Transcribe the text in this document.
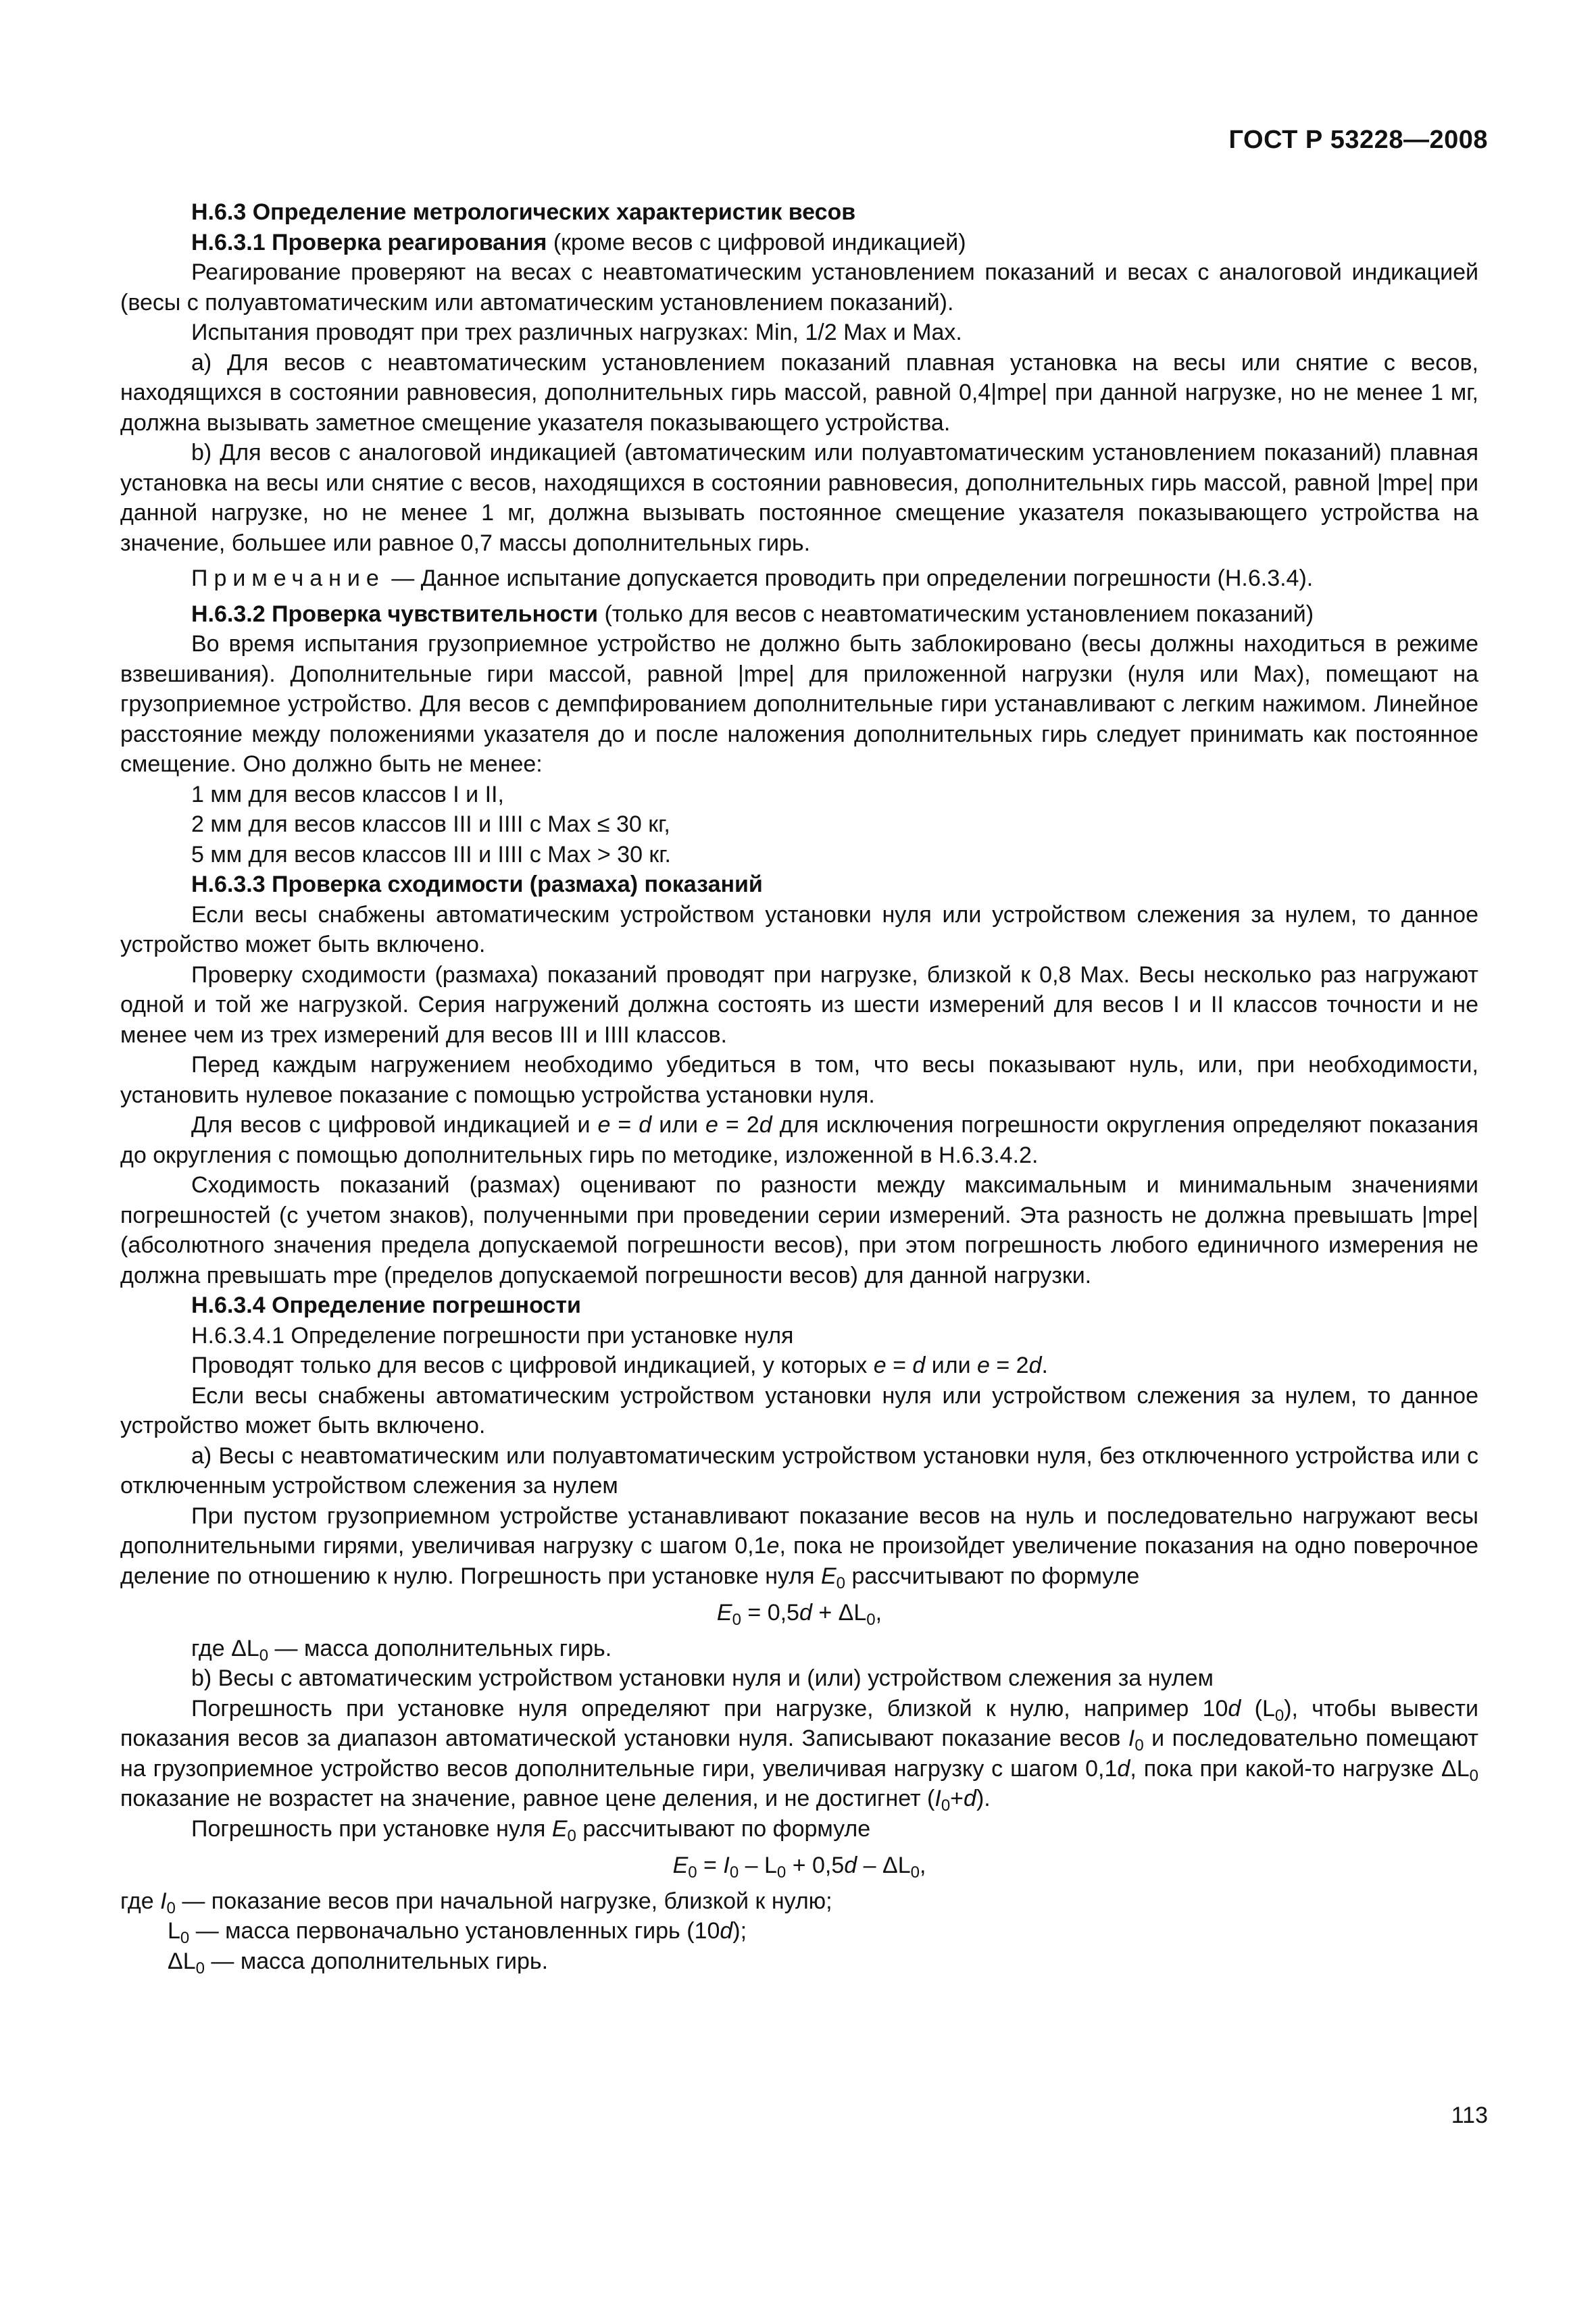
ГОСТ Р 53228—2008

Н.6.3 Определение метрологических характеристик весов

Н.6.3.1 Проверка реагирования (кроме весов с цифровой индикацией)

Реагирование проверяют на весах с неавтоматическим установлением показаний и весах с аналоговой индикацией (весы с полуавтоматическим или автоматическим установлением показаний).

Испытания проводят при трех различных нагрузках: Min, 1/2 Max и Max.

a) Для весов с неавтоматическим установлением показаний плавная установка на весы или снятие с весов, находящихся в состоянии равновесия, дополнительных гирь массой, равной 0,4|mpe| при данной нагрузке, но не менее 1 мг, должна вызывать заметное смещение указателя показывающего устройства.

b) Для весов с аналоговой индикацией (автоматическим или полуавтоматическим установлением показаний) плавная установка на весы или снятие с весов, находящихся в состоянии равновесия, дополнительных гирь массой, равной |mpe| при данной нагрузке, но не менее 1 мг, должна вызывать постоянное смещение указателя показывающего устройства на значение, большее или равное 0,7 массы дополнительных гирь.

Примечание — Данное испытание допускается проводить при определении погрешности (Н.6.3.4).

Н.6.3.2 Проверка чувствительности (только для весов с неавтоматическим установлением показаний)

Во время испытания грузоприемное устройство не должно быть заблокировано (весы должны находиться в режиме взвешивания). Дополнительные гири массой, равной |mpe| для приложенной нагрузки (нуля или Max), помещают на грузоприемное устройство. Для весов с демпфированием дополнительные гири устанавливают с легким нажимом. Линейное расстояние между положениями указателя до и после наложения дополнительных гирь следует принимать как постоянное смещение. Оно должно быть не менее:

1 мм для весов классов I и II,

2 мм для весов классов III и IIII с Max ≤ 30 кг,

5 мм для весов классов III и IIII с Max > 30 кг.

Н.6.3.3 Проверка сходимости (размаха) показаний

Если весы снабжены автоматическим устройством установки нуля или устройством слежения за нулем, то данное устройство может быть включено.

Проверку сходимости (размаха) показаний проводят при нагрузке, близкой к 0,8 Max. Весы несколько раз нагружают одной и той же нагрузкой. Серия нагружений должна состоять из шести измерений для весов I и II классов точности и не менее чем из трех измерений для весов III и IIII классов.

Перед каждым нагружением необходимо убедиться в том, что весы показывают нуль, или, при необходимости, установить нулевое показание с помощью устройства установки нуля.

Для весов с цифровой индикацией и e = d или e = 2d для исключения погрешности округления определяют показания до округления с помощью дополнительных гирь по методике, изложенной в Н.6.3.4.2.

Сходимость показаний (размах) оценивают по разности между максимальным и минимальным значениями погрешностей (с учетом знаков), полученными при проведении серии измерений. Эта разность не должна превышать |mpe| (абсолютного значения предела допускаемой погрешности весов), при этом погрешность любого единичного измерения не должна превышать mpe (пределов допускаемой погрешности весов) для данной нагрузки.

Н.6.3.4 Определение погрешности

Н.6.3.4.1 Определение погрешности при установке нуля

Проводят только для весов с цифровой индикацией, у которых e = d или e = 2d.

Если весы снабжены автоматическим устройством установки нуля или устройством слежения за нулем, то данное устройство может быть включено.

a) Весы с неавтоматическим или полуавтоматическим устройством установки нуля, без отключенного устройства или с отключенным устройством слежения за нулем

При пустом грузоприемном устройстве устанавливают показание весов на нуль и последовательно нагружают весы дополнительными гирями, увеличивая нагрузку с шагом 0,1e, пока не произойдет увеличение показания на одно поверочное деление по отношению к нулю. Погрешность при установке нуля $E_0$ рассчитывают по формуле

$E_0 = 0,5d + \Delta L_0$,

где $\Delta L_0$ — масса дополнительных гирь.

b) Весы с автоматическим устройством установки нуля и (или) устройством слежения за нулем

Погрешность при установке нуля определяют при нагрузке, близкой к нулю, например 10d $(L_0)$, чтобы вывести показания весов за диапазон автоматической установки нуля. Записывают показание весов $I_0$ и последовательно помещают на грузоприемное устройство весов дополнительные гири, увеличивая нагрузку с шагом 0,1d, пока при какой-то нагрузке $\Delta L_0$ показание не возрастет на значение, равное цене деления, и не достигнет $(I_0+d)$.

Погрешность при установке нуля $E_0$ рассчитывают по формуле

$E_0 = I_0 - L_0 + 0,5d - \Delta L_0$,

где $I_0$ — показание весов при начальной нагрузке, близкой к нулю;

$L_0$ — масса первоначально установленных гирь (10d);

$\Delta L_0$ — масса дополнительных гирь.

113
